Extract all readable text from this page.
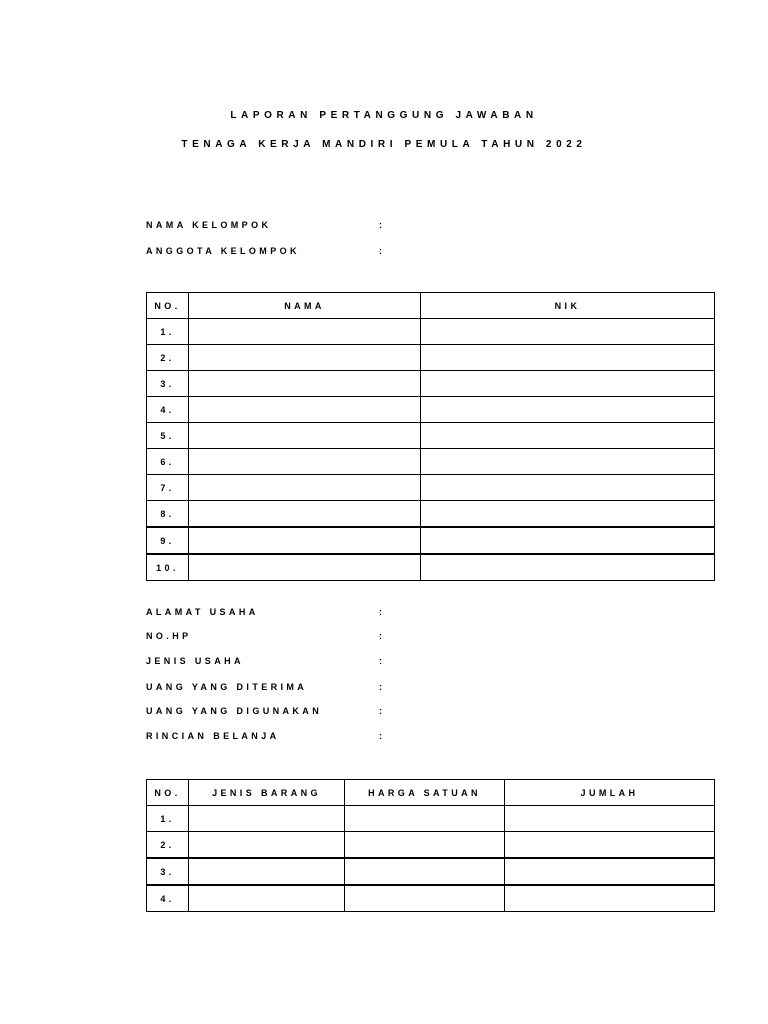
LAPORAN PERTANGGUNG JAWABAN
TENAGA KERJA MANDIRI PEMULA TAHUN 2022
NAMA KELOMPOK	:
ANGGOTA KELOMPOK	:
NO.	NAMA	NIK
1.		
2.		
3.		
4.		
5.		
6.		
7.		
8.		
9.		
10.		
ALAMAT USAHA	:
NO.HP	:
JENIS USAHA	:
UANG YANG DITERIMA	:
UANG YANG DIGUNAKAN	:
RINCIAN BELANJA	:
NO.	JENIS BARANG	HARGA SATUAN	JUMLAH
1.			
2.			
3.			
4.			
